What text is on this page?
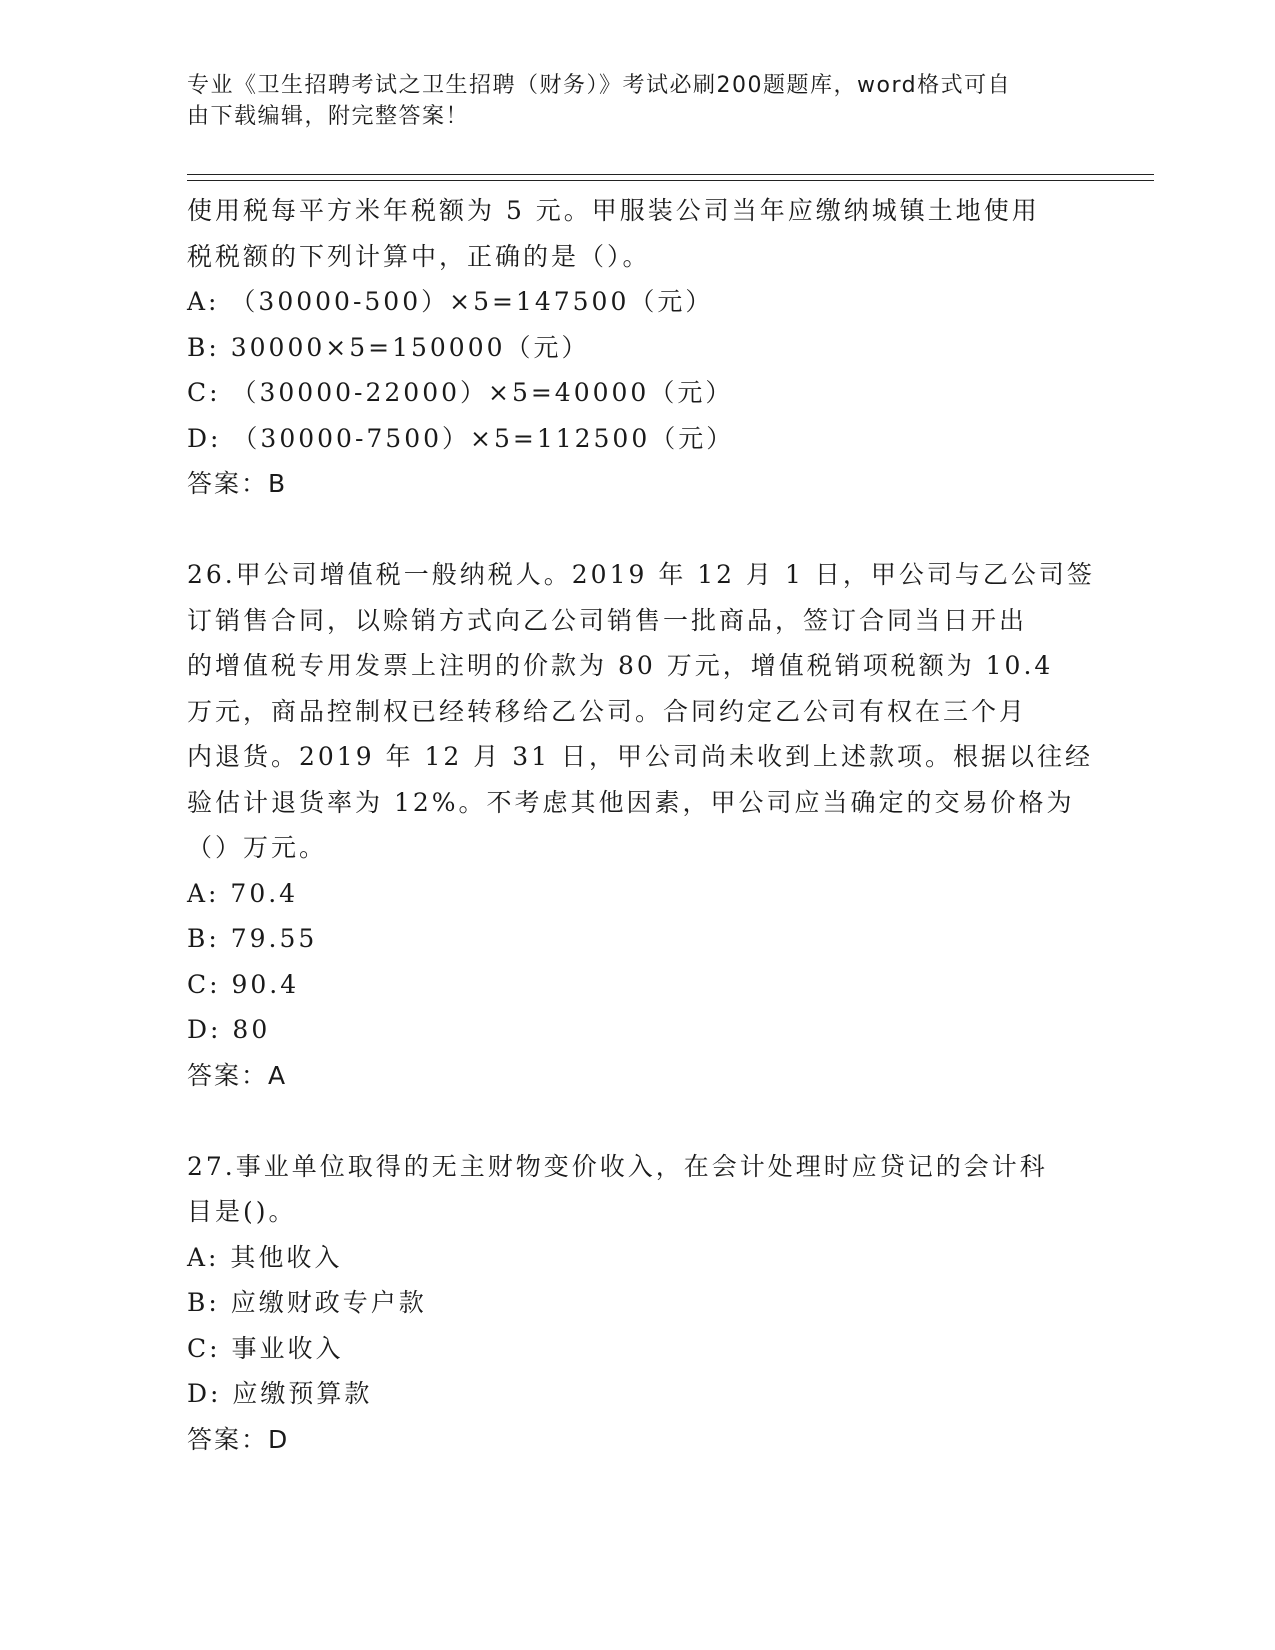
专业《卫生招聘考试之卫生招聘（财务）》考试必刷200题题库，word格式可自
由下载编辑，附完整答案！
使用税每平方米年税额为 5 元。甲服装公司当年应缴纳城镇土地使用
税税额的下列计算中，正确的是（）。
A: （30000-500）×5=147500（元）
B: 30000×5=150000（元）
C: （30000-22000）×5=40000（元）
D: （30000-7500）×5=112500（元）
答案：B
26.甲公司增值税一般纳税人。2019 年 12 月 1 日，甲公司与乙公司签
订销售合同，以赊销方式向乙公司销售一批商品，签订合同当日开出
的增值税专用发票上注明的价款为 80 万元，增值税销项税额为 10.4
万元，商品控制权已经转移给乙公司。合同约定乙公司有权在三个月
内退货。2019 年 12 月 31 日，甲公司尚未收到上述款项。根据以往经
验估计退货率为 12%。不考虑其他因素，甲公司应当确定的交易价格为
（）万元。
A: 70.4
B: 79.55
C: 90.4
D: 80
答案：A
27.事业单位取得的无主财物变价收入，在会计处理时应贷记的会计科
目是()。
A: 其他收入
B: 应缴财政专户款
C: 事业收入
D: 应缴预算款
答案：D
